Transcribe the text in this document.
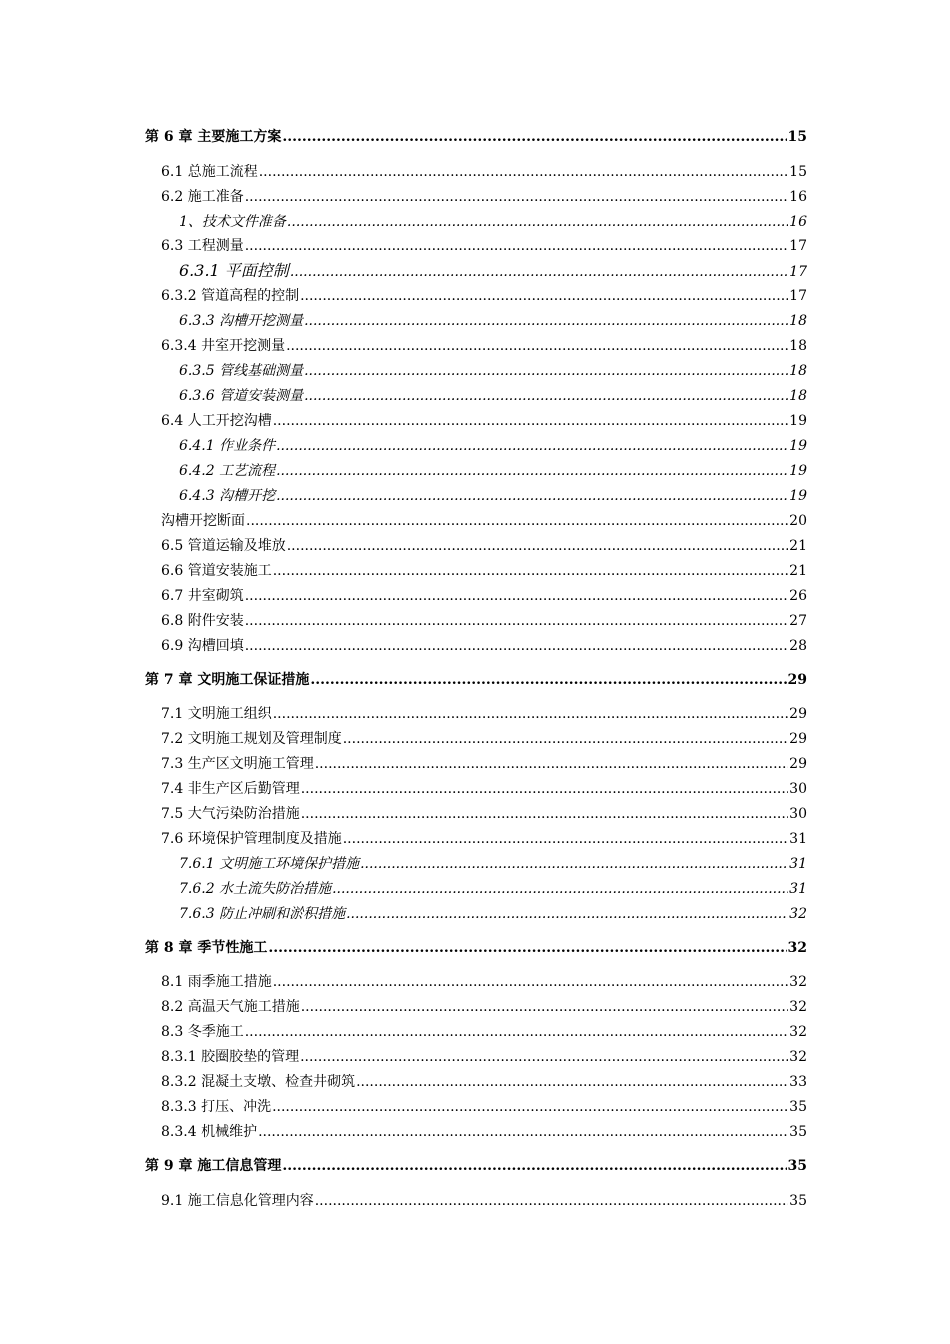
第 6 章 主要施工方案 .....	15
6.1 总施工流程 .....	15
6.2 施工准备 .....	16
1、技术文件准备 .....	16
6.3 工程测量 .....	17
6.3.1 平面控制 .....	17
6.3.2 管道高程的控制 .....	17
6.3.3 沟槽开挖测量 .....	18
6.3.4 井室开挖测量 .....	18
6.3.5 管线基础测量 .....	18
6.3.6 管道安装测量 .....	18
6.4 人工开挖沟槽 .....	19
6.4.1 作业条件 .....	19
6.4.2 工艺流程 .....	19
6.4.3 沟槽开挖 .....	19
沟槽开挖断面 .....	20
6.5 管道运输及堆放 .....	21
6.6 管道安装施工 .....	21
6.7 井室砌筑 .....	26
6.8 附件安装 .....	27
6.9 沟槽回填 .....	28
第 7 章 文明施工保证措施 .....	29
7.1 文明施工组织 .....	29
7.2 文明施工规划及管理制度 .....	29
7.3 生产区文明施工管理 .....	29
7.4 非生产区后勤管理 .....	30
7.5 大气污染防治措施 .....	30
7.6 环境保护管理制度及措施 .....	31
7.6.1 文明施工环境保护措施 .....	31
7.6.2 水土流失防治措施 .....	31
7.6.3 防止冲刷和淤积措施 .....	32
第 8 章 季节性施工 .....	32
8.1 雨季施工措施 .....	32
8.2 高温天气施工措施 .....	32
8.3 冬季施工 .....	32
8.3.1 胶圈胶垫的管理 .....	32
8.3.2 混凝土支墩、检查井砌筑 .....	33
8.3.3 打压、冲洗 .....	35
8.3.4 机械维护 .....	35
第 9 章 施工信息管理 .....	35
9.1 施工信息化管理内容 .....	35
